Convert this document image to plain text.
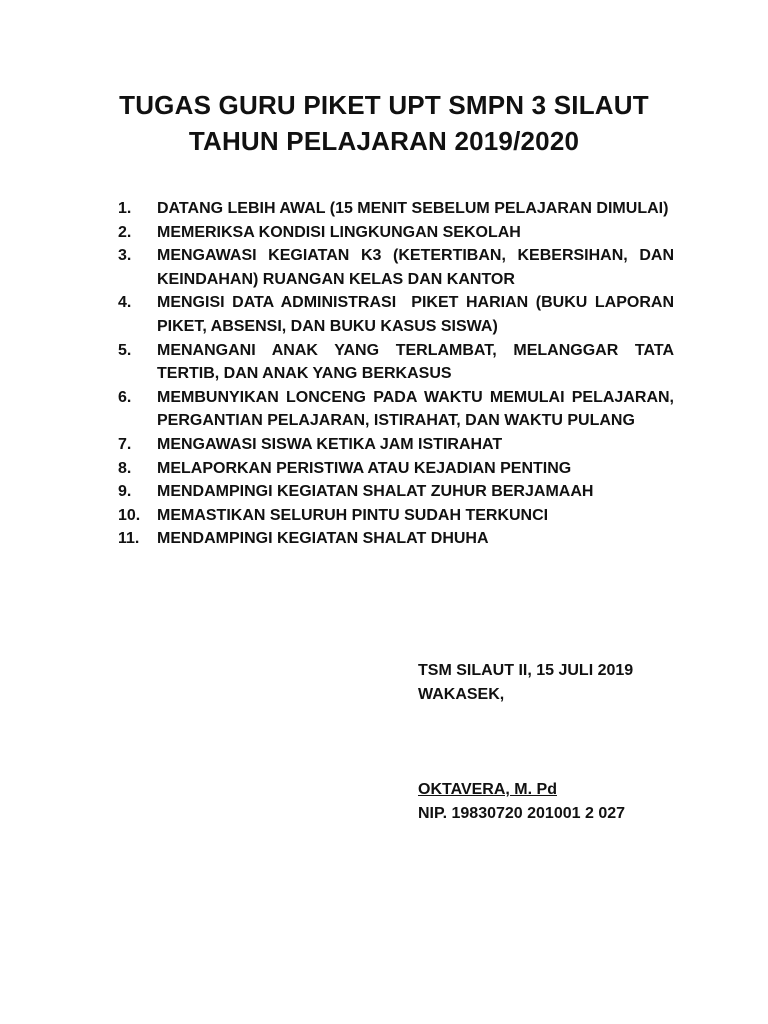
TUGAS GURU PIKET UPT SMPN 3 SILAUT
TAHUN PELAJARAN 2019/2020
1.	DATANG LEBIH AWAL (15 MENIT SEBELUM PELAJARAN DIMULAI)
2.	MEMERIKSA KONDISI LINGKUNGAN SEKOLAH
3.	MENGAWASI KEGIATAN K3 (KETERTIBAN, KEBERSIHAN, DAN KEINDAHAN) RUANGAN KELAS DAN KANTOR
4.	MENGISI DATA ADMINISTRASI  PIKET HARIAN (BUKU LAPORAN PIKET, ABSENSI, DAN BUKU KASUS SISWA)
5.	MENANGANI ANAK YANG TERLAMBAT, MELANGGAR TATA TERTIB, DAN ANAK YANG BERKASUS
6.	MEMBUNYIKAN LONCENG PADA WAKTU MEMULAI PELAJARAN, PERGANTIAN PELAJARAN, ISTIRAHAT, DAN WAKTU PULANG
7.	MENGAWASI SISWA KETIKA JAM ISTIRAHAT
8.	MELAPORKAN PERISTIWA ATAU KEJADIAN PENTING
9.	MENDAMPINGI KEGIATAN SHALAT ZUHUR BERJAMAAH
10.	MEMASTIKAN SELURUH PINTU SUDAH TERKUNCI
11.	MENDAMPINGI KEGIATAN SHALAT DHUHA
TSM SILAUT II, 15 JULI 2019
WAKASEK,
OKTAVERA, M. Pd
NIP. 19830720 201001 2 027
